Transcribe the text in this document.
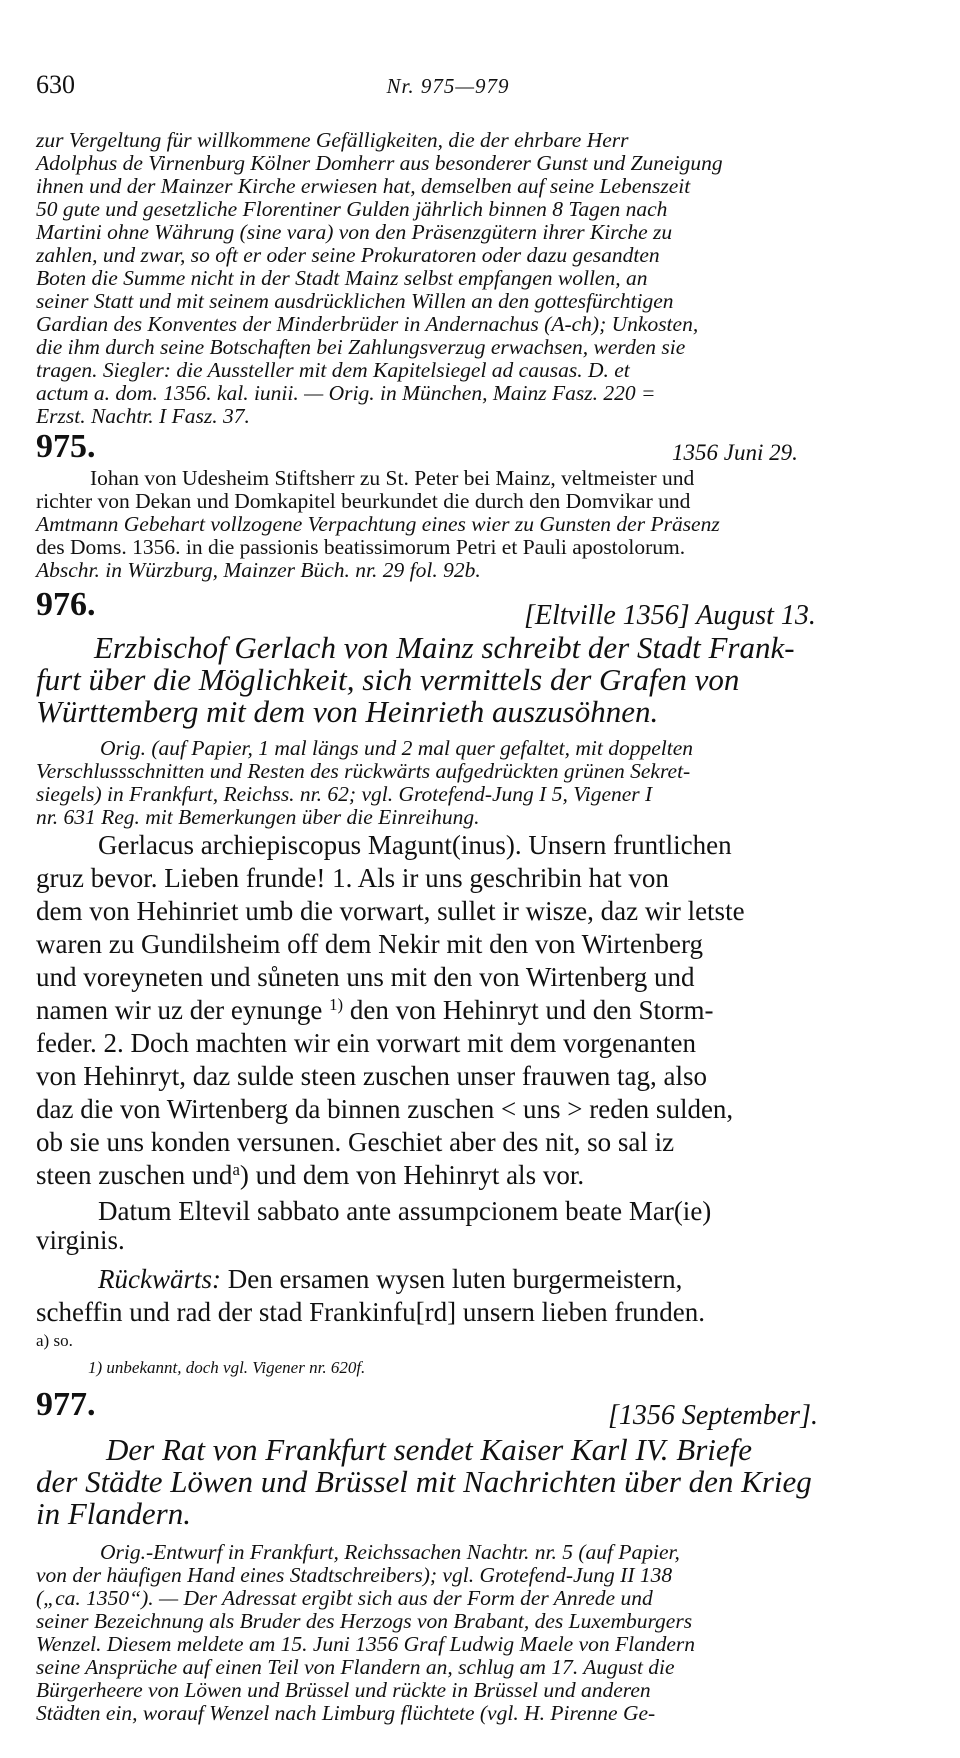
630	Nr. 975—979
zur Vergeltung für willkommene Gefälligkeiten, die der ehrbare Herr
Adolphus de Virnenburg Kölner Domherr aus besonderer Gunst und Zuneigung
ihnen und der Mainzer Kirche erwiesen hat, demselben auf seine Lebenszeit
50 gute und gesetzliche Florentiner Gulden jährlich binnen 8 Tagen nach
Martini ohne Währung (sine vara) von den Präsenzgütern ihrer Kirche zu
zahlen, und zwar, so oft er oder seine Prokuratoren oder dazu gesandten
Boten die Summe nicht in der Stadt Mainz selbst empfangen wollen, an
seiner Statt und mit seinem ausdrücklichen Willen an den gottesfürchtigen
Gardian des Konventes der Minderbrüder in Andernachus (A-ch); Unkosten,
die ihm durch seine Botschaften bei Zahlungsverzug erwachsen, werden sie
tragen. Siegler: die Aussteller mit dem Kapitelsiegel ad causas. D. et
actum a. dom. 1356. kal. iunii. — Orig. in München, Mainz Fasz. 220 =
Erzst. Nachtr. I Fasz. 37.
975.	1356 Juni 29.
Iohan von Udesheim Stiftsherr zu St. Peter bei Mainz, veltmeister und
richter von Dekan und Domkapitel beurkundet die durch den Domvikar und
Amtmann Gebehart vollzogene Verpachtung eines wier zu Gunsten der Präsenz
des Doms. 1356. in die passionis beatissimorum Petri et Pauli apostolorum.
Abschr. in Würzburg, Mainzer Büch. nr. 29 fol. 92b.
976.	[Eltville 1356] August 13.
Erzbischof Gerlach von Mainz schreibt der Stadt Frank-
furt über die Möglichkeit, sich vermittels der Grafen von
Württemberg mit dem von Heinrieth auszusöhnen.
Orig. (auf Papier, 1 mal längs und 2 mal quer gefaltet, mit doppelten
Verschlussschnitten und Resten des rückwärts aufgedrückten grünen Sekret-
siegels) in Frankfurt, Reichss. nr. 62; vgl. Grotefend-Jung I 5, Vigener I
nr. 631 Reg. mit Bemerkungen über die Einreihung.
Gerlacus archiepiscopus Magunt(inus). Unsern fruntlichen
gruz bevor. Lieben frunde! 1. Als ir uns geschribin hat von
dem von Hehinriet umb die vorwart, sullet ir wisze, daz wir letste
waren zu Gundilsheim off dem Nekir mit den von Wirtenberg
und voreyneten und sůneten uns mit den von Wirtenberg und
namen wir uz der eynunge $^{1)}$ den von Hehinryt und den Storm-
feder. 2. Doch machten wir ein vorwart mit dem vorgenanten
von Hehinryt, daz sulde steen zuschen unser frauwen tag, also
daz die von Wirtenberg da binnen zuschen ˂ uns ˃ reden sulden,
ob sie uns konden versunen. Geschiet aber des nit, so sal iz
steen zuschen und$^a$) und dem von Hehinryt als vor.
Datum Eltevil sabbato ante assumpcionem beate Mar(ie)
virginis.
Rückwärts: Den ersamen wysen luten burgermeistern,
scheffin und rad der stad Frankinfu[rd] unsern lieben frunden.
a) so.
1) unbekannt, doch vgl. Vigener nr. 620f.
977.	[1356 September].
Der Rat von Frankfurt sendet Kaiser Karl IV. Briefe
der Städte Löwen und Brüssel mit Nachrichten über den Krieg
in Flandern.
Orig.-Entwurf in Frankfurt, Reichssachen Nachtr. nr. 5 (auf Papier,
von der häufigen Hand eines Stadtschreibers); vgl. Grotefend-Jung II 138
(„ca. 1350“). — Der Adressat ergibt sich aus der Form der Anrede und
seiner Bezeichnung als Bruder des Herzogs von Brabant, des Luxemburgers
Wenzel. Diesem meldete am 15. Juni 1356 Graf Ludwig Maele von Flandern
seine Ansprüche auf einen Teil von Flandern an, schlug am 17. August die
Bürgerheere von Löwen und Brüssel und rückte in Brüssel und anderen
Städten ein, worauf Wenzel nach Limburg flüchtete (vgl. H. Pirenne Ge-
